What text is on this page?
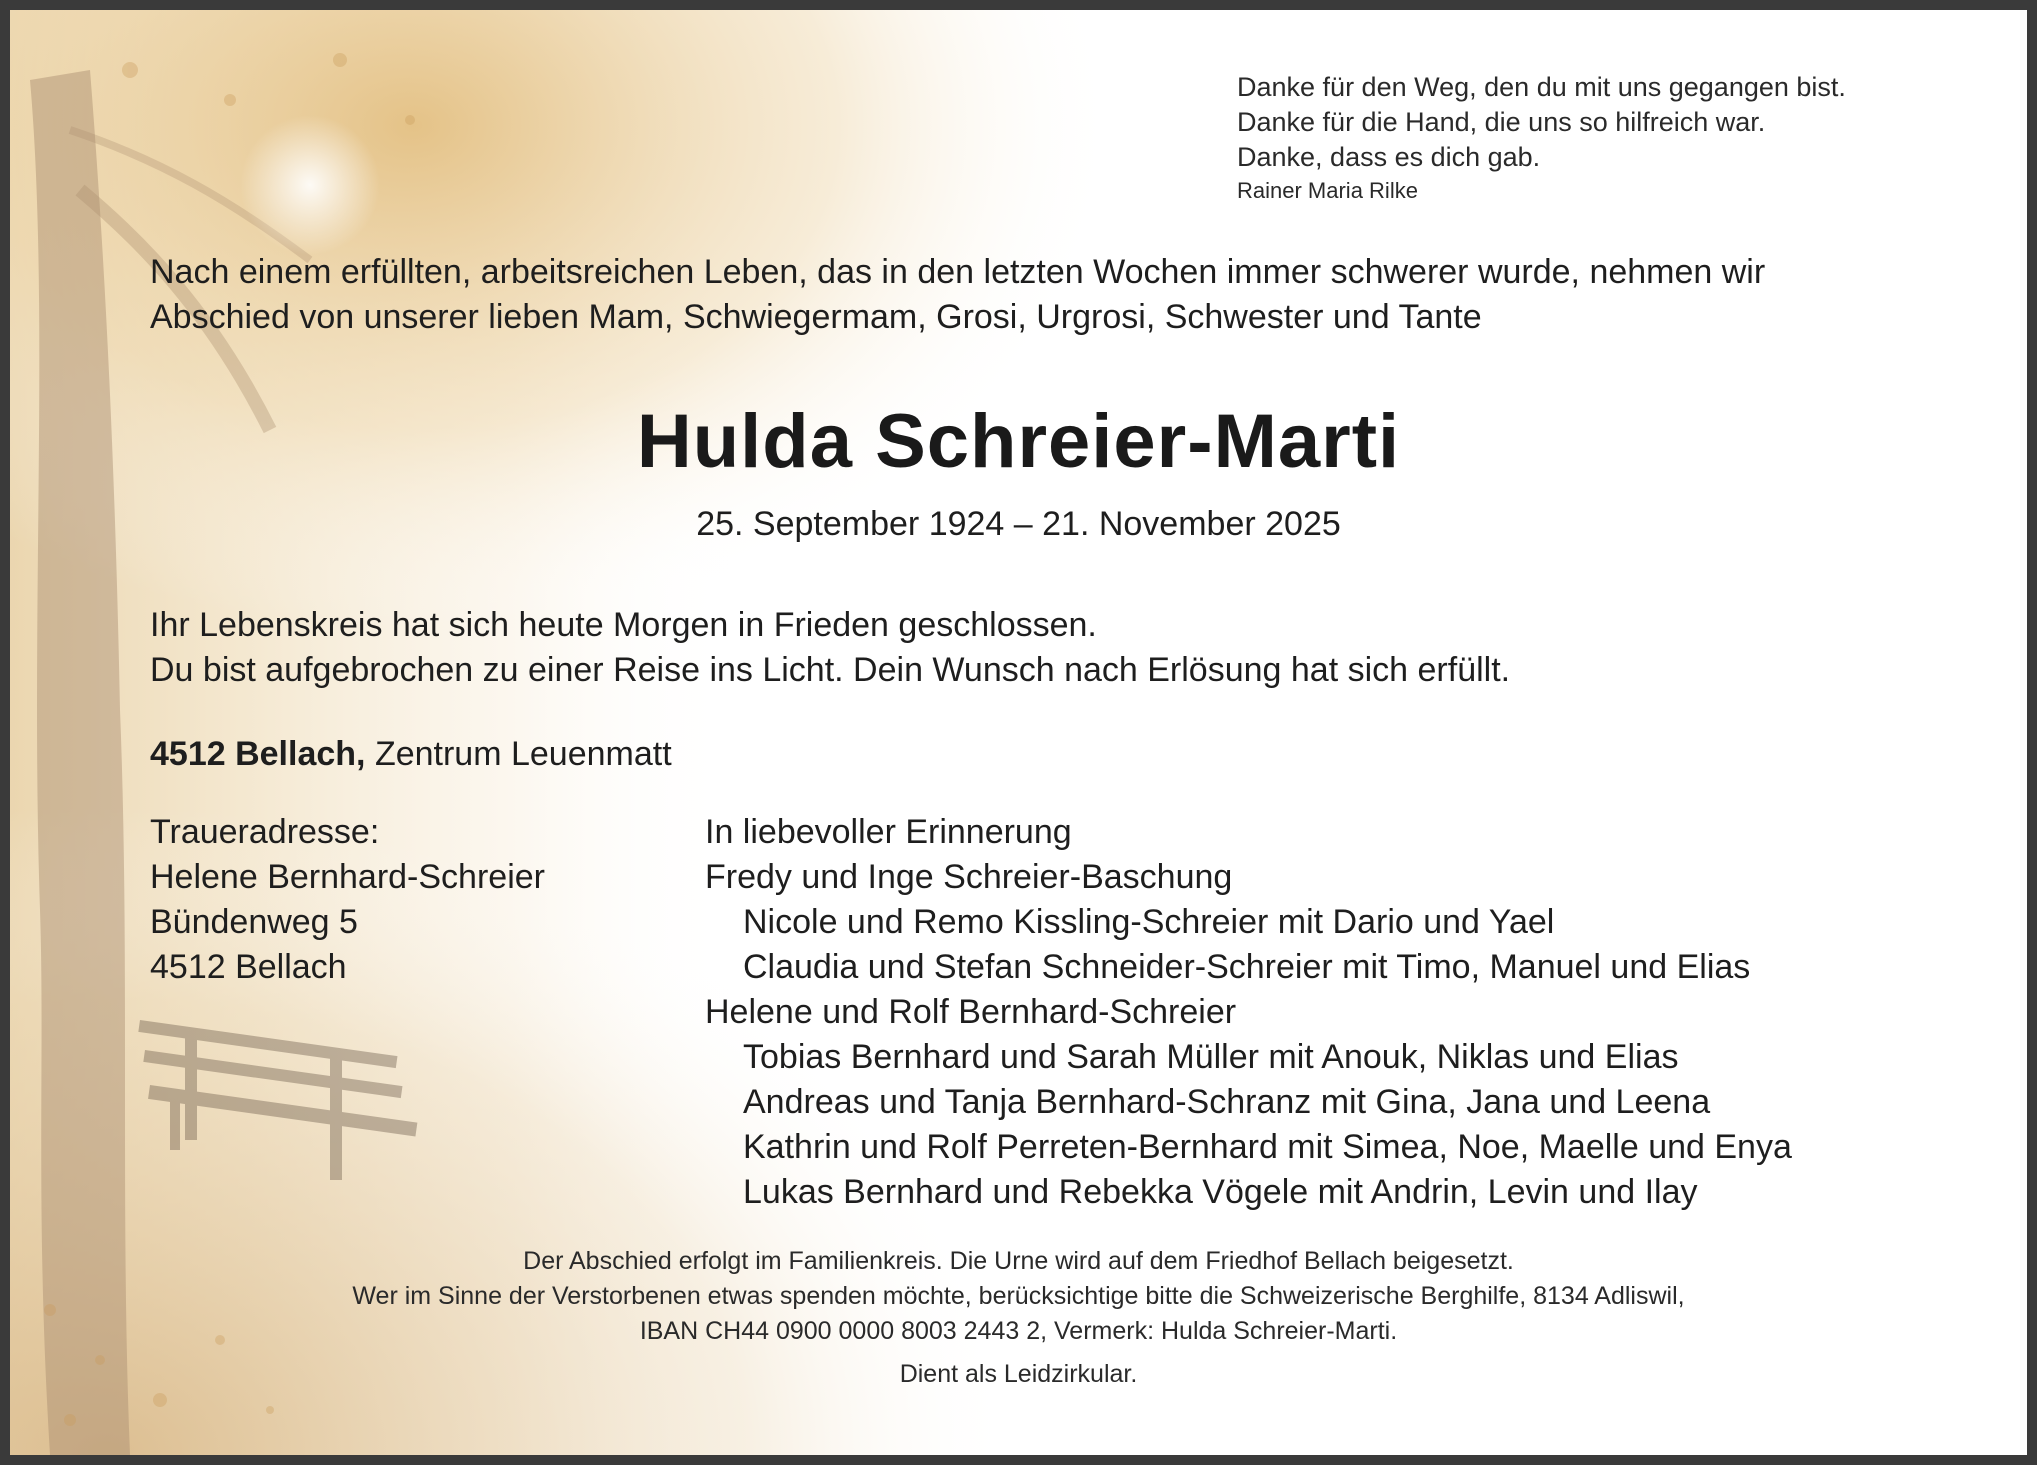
Danke für den Weg, den du mit uns gegangen bist.
Danke für die Hand, die uns so hilfreich war.
Danke, dass es dich gab.
Rainer Maria Rilke
Nach einem erfüllten, arbeitsreichen Leben, das in den letzten Wochen immer schwerer wurde, nehmen wir
Abschied von unserer lieben Mam, Schwiegermam, Grosi, Urgrosi, Schwester und Tante
Hulda Schreier-Marti
25. September 1924 – 21. November 2025
Ihr Lebenskreis hat sich heute Morgen in Frieden geschlossen.
Du bist aufgebrochen zu einer Reise ins Licht. Dein Wunsch nach Erlösung hat sich erfüllt.
4512 Bellach, Zentrum Leuenmatt
Traueradresse:
Helene Bernhard-Schreier
Bündenweg 5
4512 Bellach
In liebevoller Erinnerung
Fredy und Inge Schreier-Baschung
Nicole und Remo Kissling-Schreier mit Dario und Yael
Claudia und Stefan Schneider-Schreier mit Timo, Manuel und Elias
Helene und Rolf Bernhard-Schreier
Tobias Bernhard und Sarah Müller mit Anouk, Niklas und Elias
Andreas und Tanja Bernhard-Schranz mit Gina, Jana und Leena
Kathrin und Rolf Perreten-Bernhard mit Simea, Noe, Maelle und Enya
Lukas Bernhard und Rebekka Vögele mit Andrin, Levin und Ilay
Der Abschied erfolgt im Familienkreis. Die Urne wird auf dem Friedhof Bellach beigesetzt.
Wer im Sinne der Verstorbenen etwas spenden möchte, berücksichtige bitte die Schweizerische Berghilfe, 8134 Adliswil,
IBAN CH44 0900 0000 8003 2443 2, Vermerk: Hulda Schreier-Marti.
Dient als Leidzirkular.
